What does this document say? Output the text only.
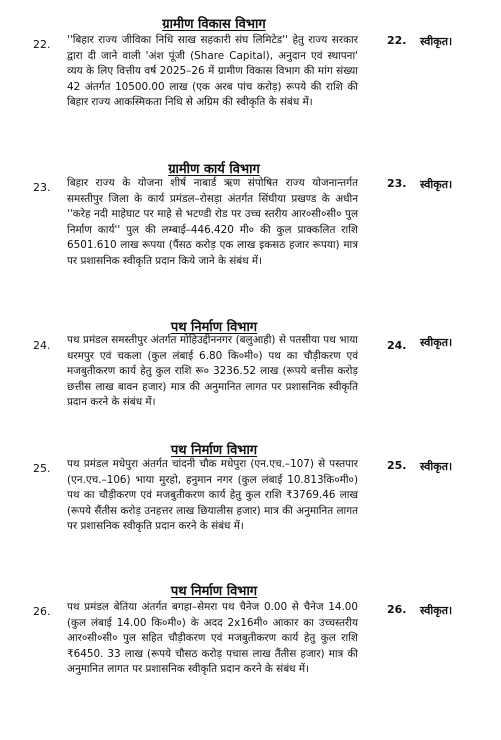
ग्रामीण विकास विभाग
22. ''बिहार राज्य जीविका निधि साख सहकारी संघ लिमिटेड'' हेतु राज्य सरकार द्वारा दी जाने वाली 'अंश पूंजी (Share Capital), अनुदान एवं स्थापना' व्यय के लिए वित्तीय वर्ष 2025–26 में ग्रामीण विकास विभाग की मांग संख्या 42 अंतर्गत 10500.00 लाख (एक अरब पांच करोड़) रूपये की राशि की बिहार राज्य आकस्मिकता निधि से अग्रिम की स्वीकृति के संबंध में।
22. स्वीकृत।
ग्रामीण कार्य विभाग
23. बिहार राज्य के योजना शीर्ष नाबार्ड ऋण संपोषित राज्य योजनान्तर्गत समस्तीपुर जिला के कार्य प्रमंडल–रोसड़ा अंतर्गत सिंघीया प्रखण्ड के अधीन ''करेह नदी माहेघाट पर माहे से भटण्डी रोड पर उच्च स्तरीय आर०सी०सी० पुल निर्माण कार्य'' पुल की लम्बाई–446.420 मी० की कुल प्राक्कलित राशि 6501.610 लाख रूपया (पैंसठ करोड़ एक लाख इकसठ हजार रूपया) मात्र पर प्रशासनिक स्वीकृति प्रदान किये जाने के संबंध में।
23. स्वीकृत।
पथ निर्माण विभाग
24. पथ प्रमंडल समस्तीपुर अंतर्गत मोहिउद्दीननगर (बलुआही) से पतसीया पथ भाया धरमपुर एवं चकला (कुल लंबाई 6.80 कि०मी०) पथ का चौड़ीकरण एवं मजबुतीकरण कार्य हेतु कुल राशि रू० 3236.52 लाख (रूपये बत्तीस करोड़ छत्तीस लाख बावन हजार) मात्र की अनुमानित लागत पर प्रशासनिक स्वीकृति प्रदान करने के संबंध में।
24. स्वीकृत।
पथ निर्माण विभाग
25. पथ प्रमंडल मधेपुरा अंतर्गत चांदनी चौक मधेपुरा (एन.एच.–107) से पस्तपार (एन.एच.–106) भाया मुरहो, हनुमान नगर (कुल लंबाई 10.813कि०मी०) पथ का चौड़ीकरण एवं मजबुतीकरण कार्य हेतु कुल राशि ₹3769.46 लाख (रूपये सैंतीस करोड़ उनहत्तर लाख छियालीस हजार) मात्र की अनुमानित लागत पर प्रशासनिक स्वीकृति प्रदान करने के संबंध में।
25. स्वीकृत।
पथ निर्माण विभाग
26. पथ प्रमंडल बेतिया अंतर्गत बगहा–सेमरा पथ चैनेज 0.00 से चैनेज 14.00 (कुल लंबाई 14.00 कि०मी०) के अदद 2x16मी० आकार का उच्चस्तरीय आर०सी०सी० पुल सहित चौड़ीकरण एवं मजबुतीकरण कार्य हेतु कुल राशि ₹6450. 33 लाख (रूपये चौसठ करोड़ पचास लाख तैंतीस हजार) मात्र की अनुमानित लागत पर प्रशासनिक स्वीकृति प्रदान करने के संबंध में।
26. स्वीकृत।
